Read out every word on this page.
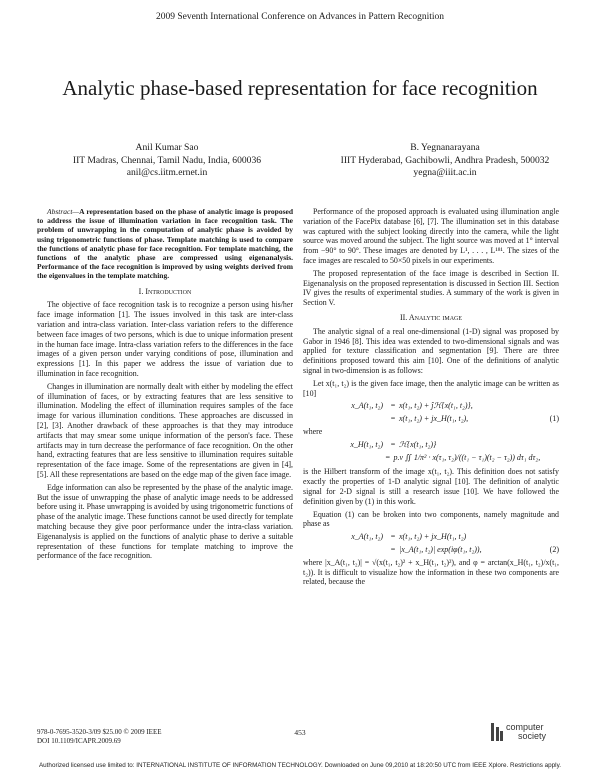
2009 Seventh International Conference on Advances in Pattern Recognition
Analytic phase-based representation for face recognition
Anil Kumar Sao
IIT Madras, Chennai, Tamil Nadu, India, 600036
anil@cs.iitm.ernet.in
B. Yegnanarayana
IIIT Hyderabad, Gachibowli, Andhra Pradesh, 500032
yegna@iiit.ac.in

Abstract—A representation based on the phase of analytic image is proposed to address the issue of illumination variation in face recognition task. The problem of unwrapping in the computation of analytic phase is avoided by using trigonometric functions of phase. Template matching is used to compare the functions of analytic phase for face recognition. For template matching, the functions of the analytic phase are compressed using eigenanalysis. Performance of the face recognition is improved by using weights derived from the eigenvalues in the template matching.

I. Introduction

The objective of face recognition task is to recognize a person using his/her face image information [1]. The issues involved in this task are inter-class variation and intra-class variation. Inter-class variation refers to the difference between face images of two persons, which is due to unique information present in the human face image. Intra-class variation refers to the differences in the face images of a given person under varying conditions of pose, illumination and expressions [1]. In this paper we address the issue of variation due to illumination in face recognition.

Changes in illumination are normally dealt with either by modeling the effect of illumination of faces, or by extracting features that are less sensitive to illumination. Modeling the effect of illumination requires samples of the face image for various illumination conditions. These approaches are discussed in [2], [3]. Another drawback of these approaches is that they may introduce artifacts that may smear some unique information of the person's face. These artifacts may in turn decrease the performance of face recognition. On the other hand, extracting features that are less sensitive to illumination requires suitable representation of the face image. Some of the representations are given in [4], [5]. All these representations are based on the edge map of the given face image.

Edge information can also be represented by the phase of the analytic image. But the issue of unwrapping the phase of analytic image needs to be addressed before using it. Phase unwrapping is avoided by using trigonometric functions of phase of the analytic image. These functions cannot be used directly for template matching because they give poor performance under the intra-class variation. Eigenanalysis is applied on the functions of analytic phase to derive a suitable representation of these functions for template matching to improve the performance of the face recognition.

Performance of the proposed approach is evaluated using illumination angle variation of the FacePix database [6], [7]. The illumination set in this database was captured with the subject looking directly into the camera, while the light source was moved around the subject. The light source was moved at 1° interval from −90° to 90°. These images are denoted by L¹, . . . , L¹⁸¹. The sizes of the face images are rescaled to 50×50 pixels in our experiments.

The proposed representation of the face image is described in Section II. Eigenanalysis on the proposed representation is discussed in Section III. Section IV gives the results of experimental studies. A summary of the work is given in Section V.

II. Analytic image

The analytic signal of a real one-dimensional (1-D) signal was proposed by Gabor in 1946 [8]. This idea was extended to two-dimensional signals and was applied for texture classification and segmentation [9]. There are three definitions proposed toward this aim [10]. One of the definitions of analytic signal in two-dimension is as follows:

Let x(t₁, t₂) is the given face image, then the analytic image can be written as [10]

x_A(t₁, t₂) = x(t₁, t₂) + ĵℋ{x(t₁, t₂)},
= x(t₁, t₂) + jx_H(t₁, t₂),	(1)

where

x_H(t₁, t₂) = ℋ{x(t₁, t₂)}
= p.v ∬ 1/π² · x(τ₁, τ₂)/((t₁ − τ₁)(t₂ − τ₂)) dτ₁ dτ₂,

is the Hilbert transform of the image x(t₁, t₂). This definition does not satisfy exactly the properties of 1-D analytic signal [10]. The definition of analytic signal for 2-D signal is still a research issue [10]. We have followed the definition given by (1) in this work.

Equation (1) can be broken into two components, namely magnitude and phase as

x_A(t₁, t₂) = x(t₁, t₂) + jx_H(t₁, t₂)
= |x_A(t₁, t₂)| exp(iφ(t₁, t₂)),	(2)

where |x_A(t₁, t₂)| = √(x(t₁, t₂)² + x_H(t₁, t₂)²), and φ = arctan(x_H(t₁, t₂)/x(t₁, t₂)). It is difficult to visualize how the information in these two components are related, because the

978-0-7695-3520-3/09 $25.00 © 2009 IEEE
DOI 10.1109/ICAPR.2009.69
453
computer
society
Authorized licensed use limited to: INTERNATIONAL INSTITUTE OF INFORMATION TECHNOLOGY. Downloaded on June 09,2010 at 18:20:50 UTC from IEEE Xplore. Restrictions apply.
